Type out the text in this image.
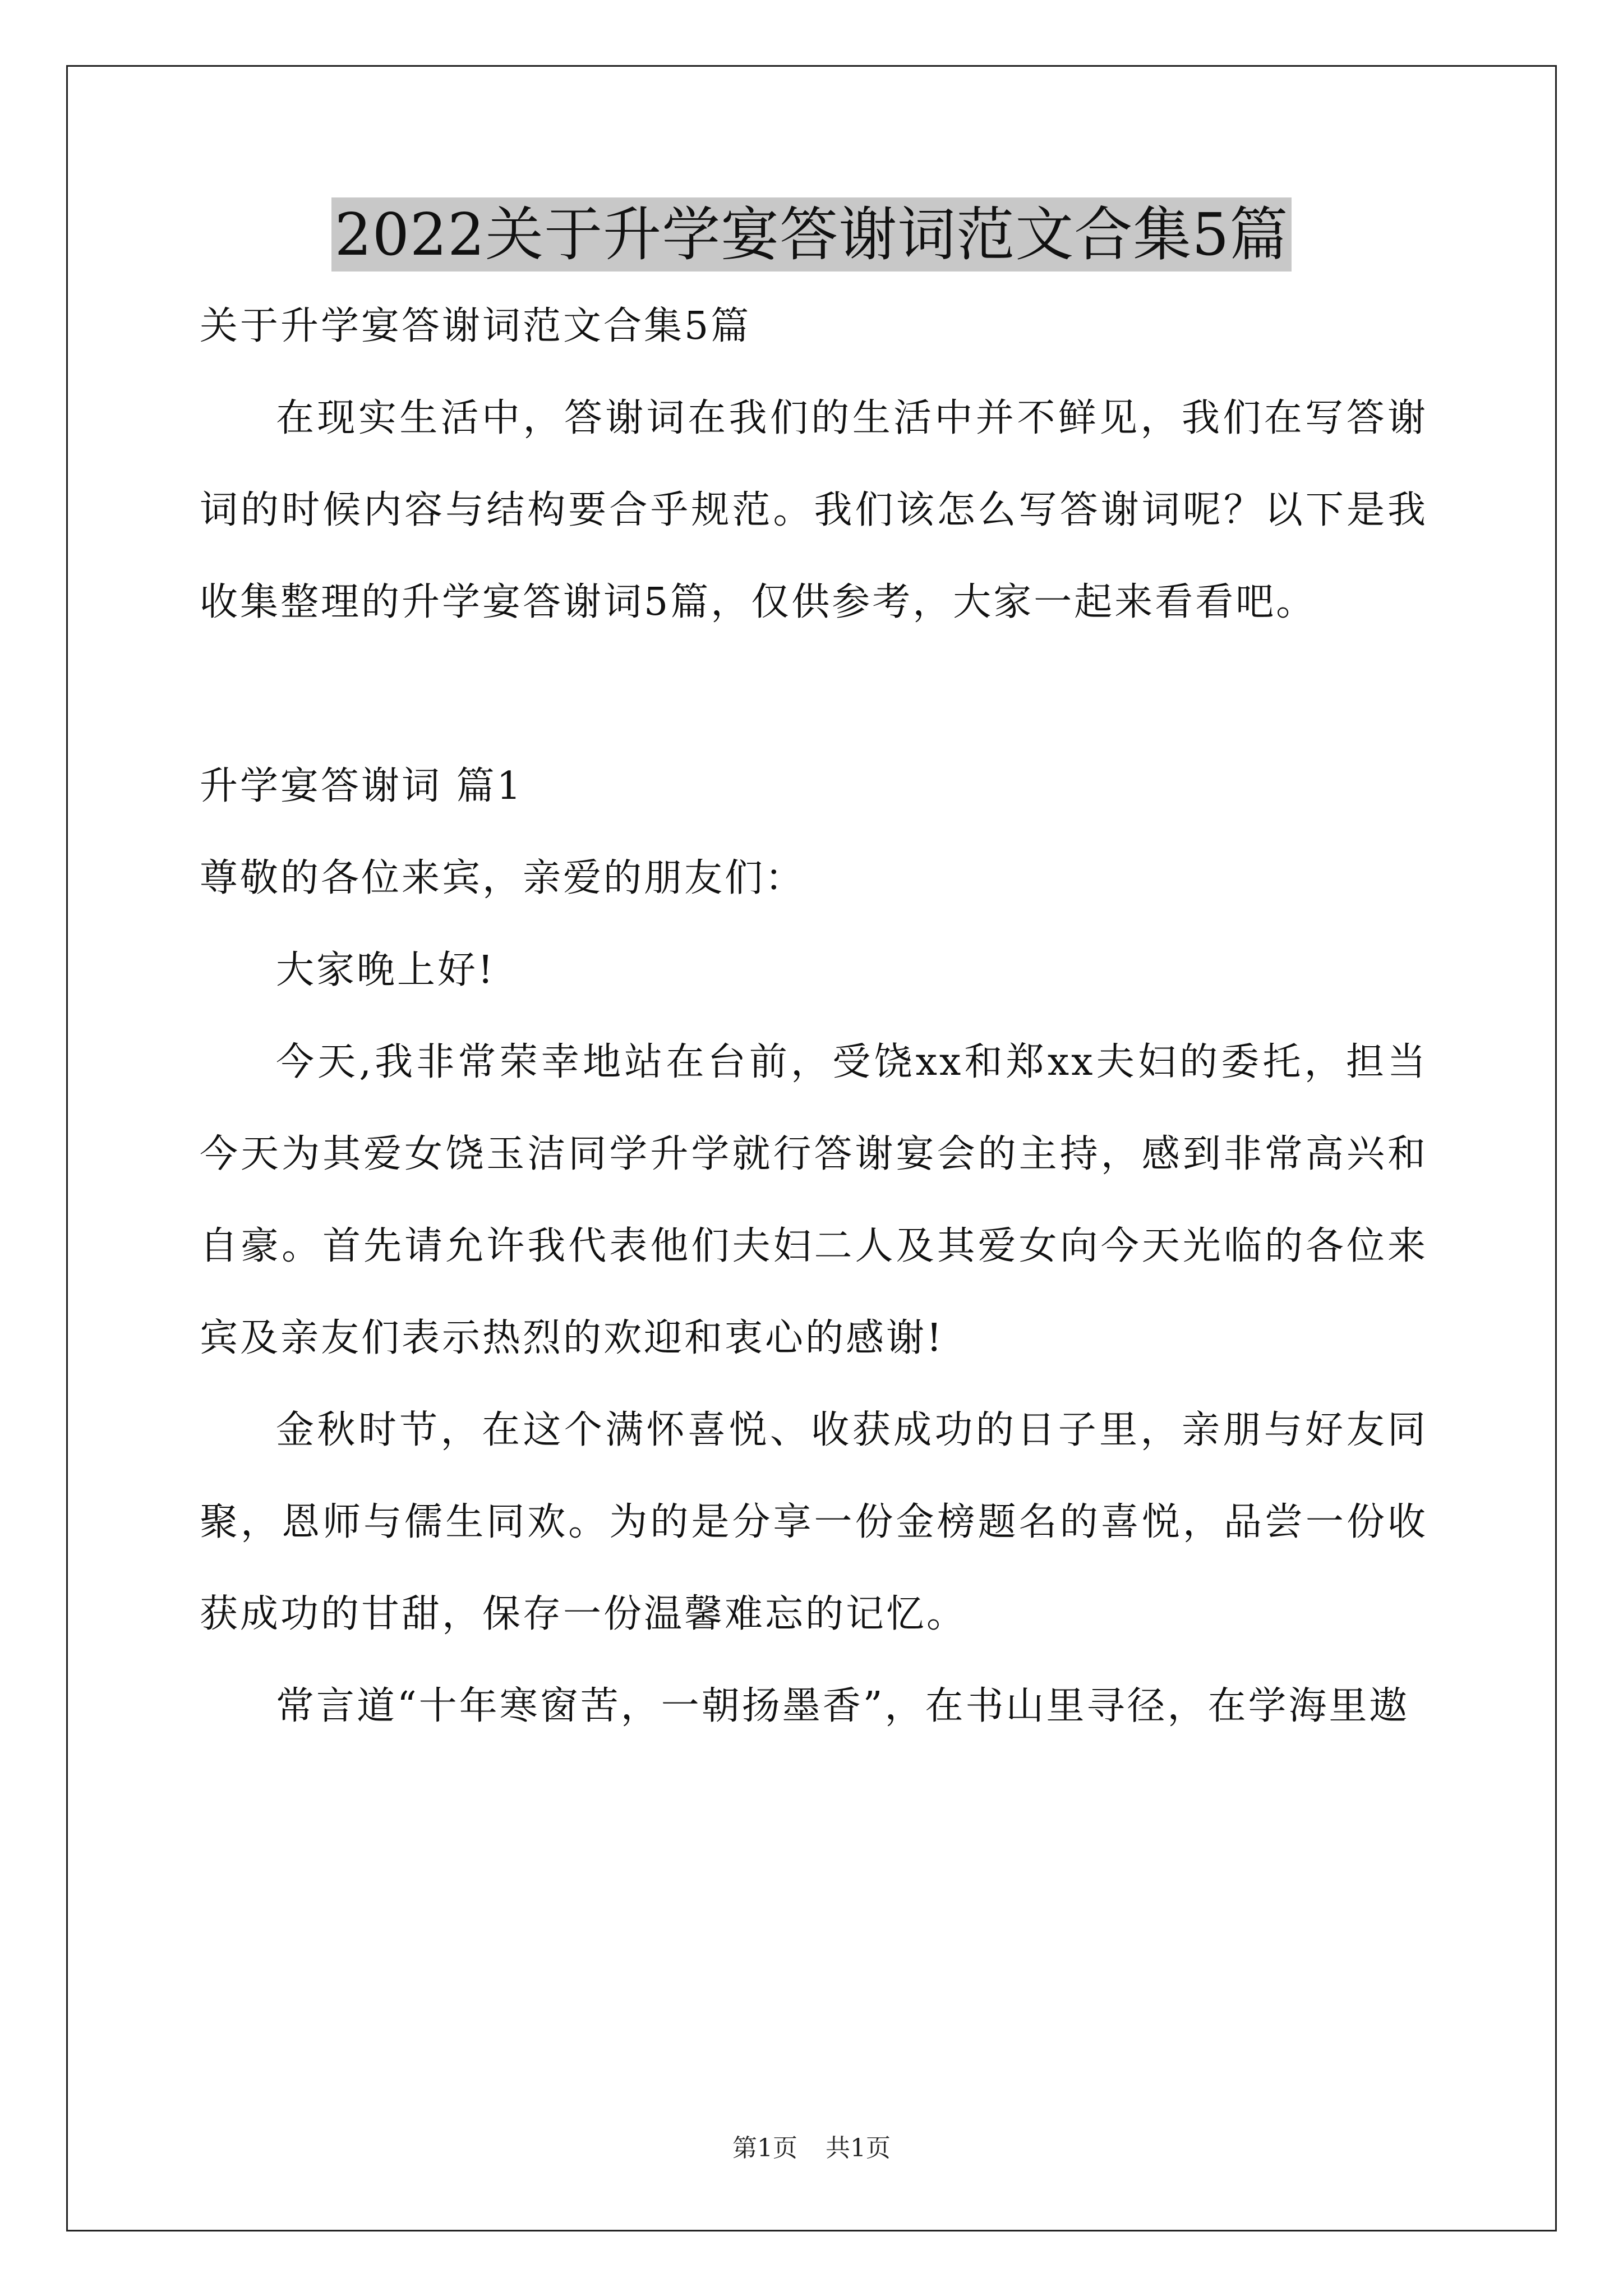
2022关于升学宴答谢词范文合集5篇

关于升学宴答谢词范文合集5篇

在现实生活中，答谢词在我们的生活中并不鲜见，我们在写答谢词的时候内容与结构要合乎规范。我们该怎么写答谢词呢？以下是我收集整理的升学宴答谢词5篇，仅供参考，大家一起来看看吧。

升学宴答谢词 篇1

尊敬的各位来宾，亲爱的朋友们：

大家晚上好!

今天,我非常荣幸地站在台前，受饶xx和郑xx夫妇的委托，担当今天为其爱女饶玉洁同学升学就行答谢宴会的主持，感到非常高兴和自豪。首先请允许我代表他们夫妇二人及其爱女向今天光临的各位来宾及亲友们表示热烈的欢迎和衷心的感谢!

金秋时节，在这个满怀喜悦、收获成功的日子里，亲朋与好友同聚，恩师与儒生同欢。为的是分享一份金榜题名的喜悦，品尝一份收获成功的甘甜，保存一份温馨难忘的记忆。

常言道“十年寒窗苦，一朝扬墨香”，在书山里寻径，在学海里遨

第1页 共1页
